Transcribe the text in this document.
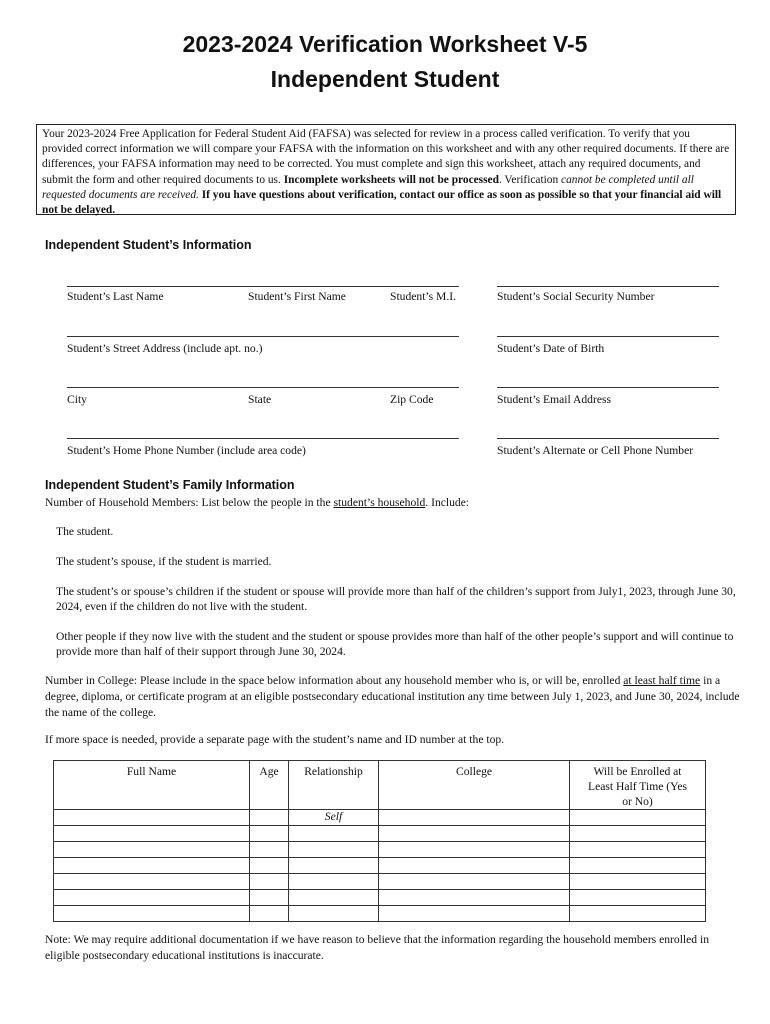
2023-2024 Verification Worksheet V-5
Independent Student
Your 2023-2024 Free Application for Federal Student Aid (FAFSA) was selected for review in a process called verification. To verify that you provided correct information we will compare your FAFSA with the information on this worksheet and with any other required documents. If there are differences, your FAFSA information may need to be corrected. You must complete and sign this worksheet, attach any required documents, and submit the form and other required documents to us. Incomplete worksheets will not be processed. Verification cannot be completed until all requested documents are received. If you have questions about verification, contact our office as soon as possible so that your financial aid will not be delayed.
Independent Student’s Information
Student’s Last Name	Student’s First Name	Student’s M.I.	Student’s Social Security Number
Student’s Street Address (include apt. no.)	Student’s Date of Birth
City	State	Zip Code	Student’s Email Address
Student’s Home Phone Number (include area code)	Student’s Alternate or Cell Phone Number
Independent Student’s Family Information
Number of Household Members: List below the people in the student’s household. Include:
The student.
The student’s spouse, if the student is married.
The student’s or spouse’s children if the student or spouse will provide more than half of the children’s support from July1, 2023, through June 30, 2024, even if the children do not live with the student.
Other people if they now live with the student and the student or spouse provides more than half of the other people’s support and will continue to provide more than half of their support through June 30, 2024.
Number in College: Please include in the space below information about any household member who is, or will be, enrolled at least half time in a degree, diploma, or certificate program at an eligible postsecondary educational institution any time between July 1, 2023, and June 30, 2024, include the name of the college.
If more space is needed, provide a separate page with the student’s name and ID number at the top.
Full Name	Age	Relationship	College	Will be Enrolled at Least Half Time (Yes or No)
		Self		

Note: We may require additional documentation if we have reason to believe that the information regarding the household members enrolled in eligible postsecondary educational institutions is inaccurate.
